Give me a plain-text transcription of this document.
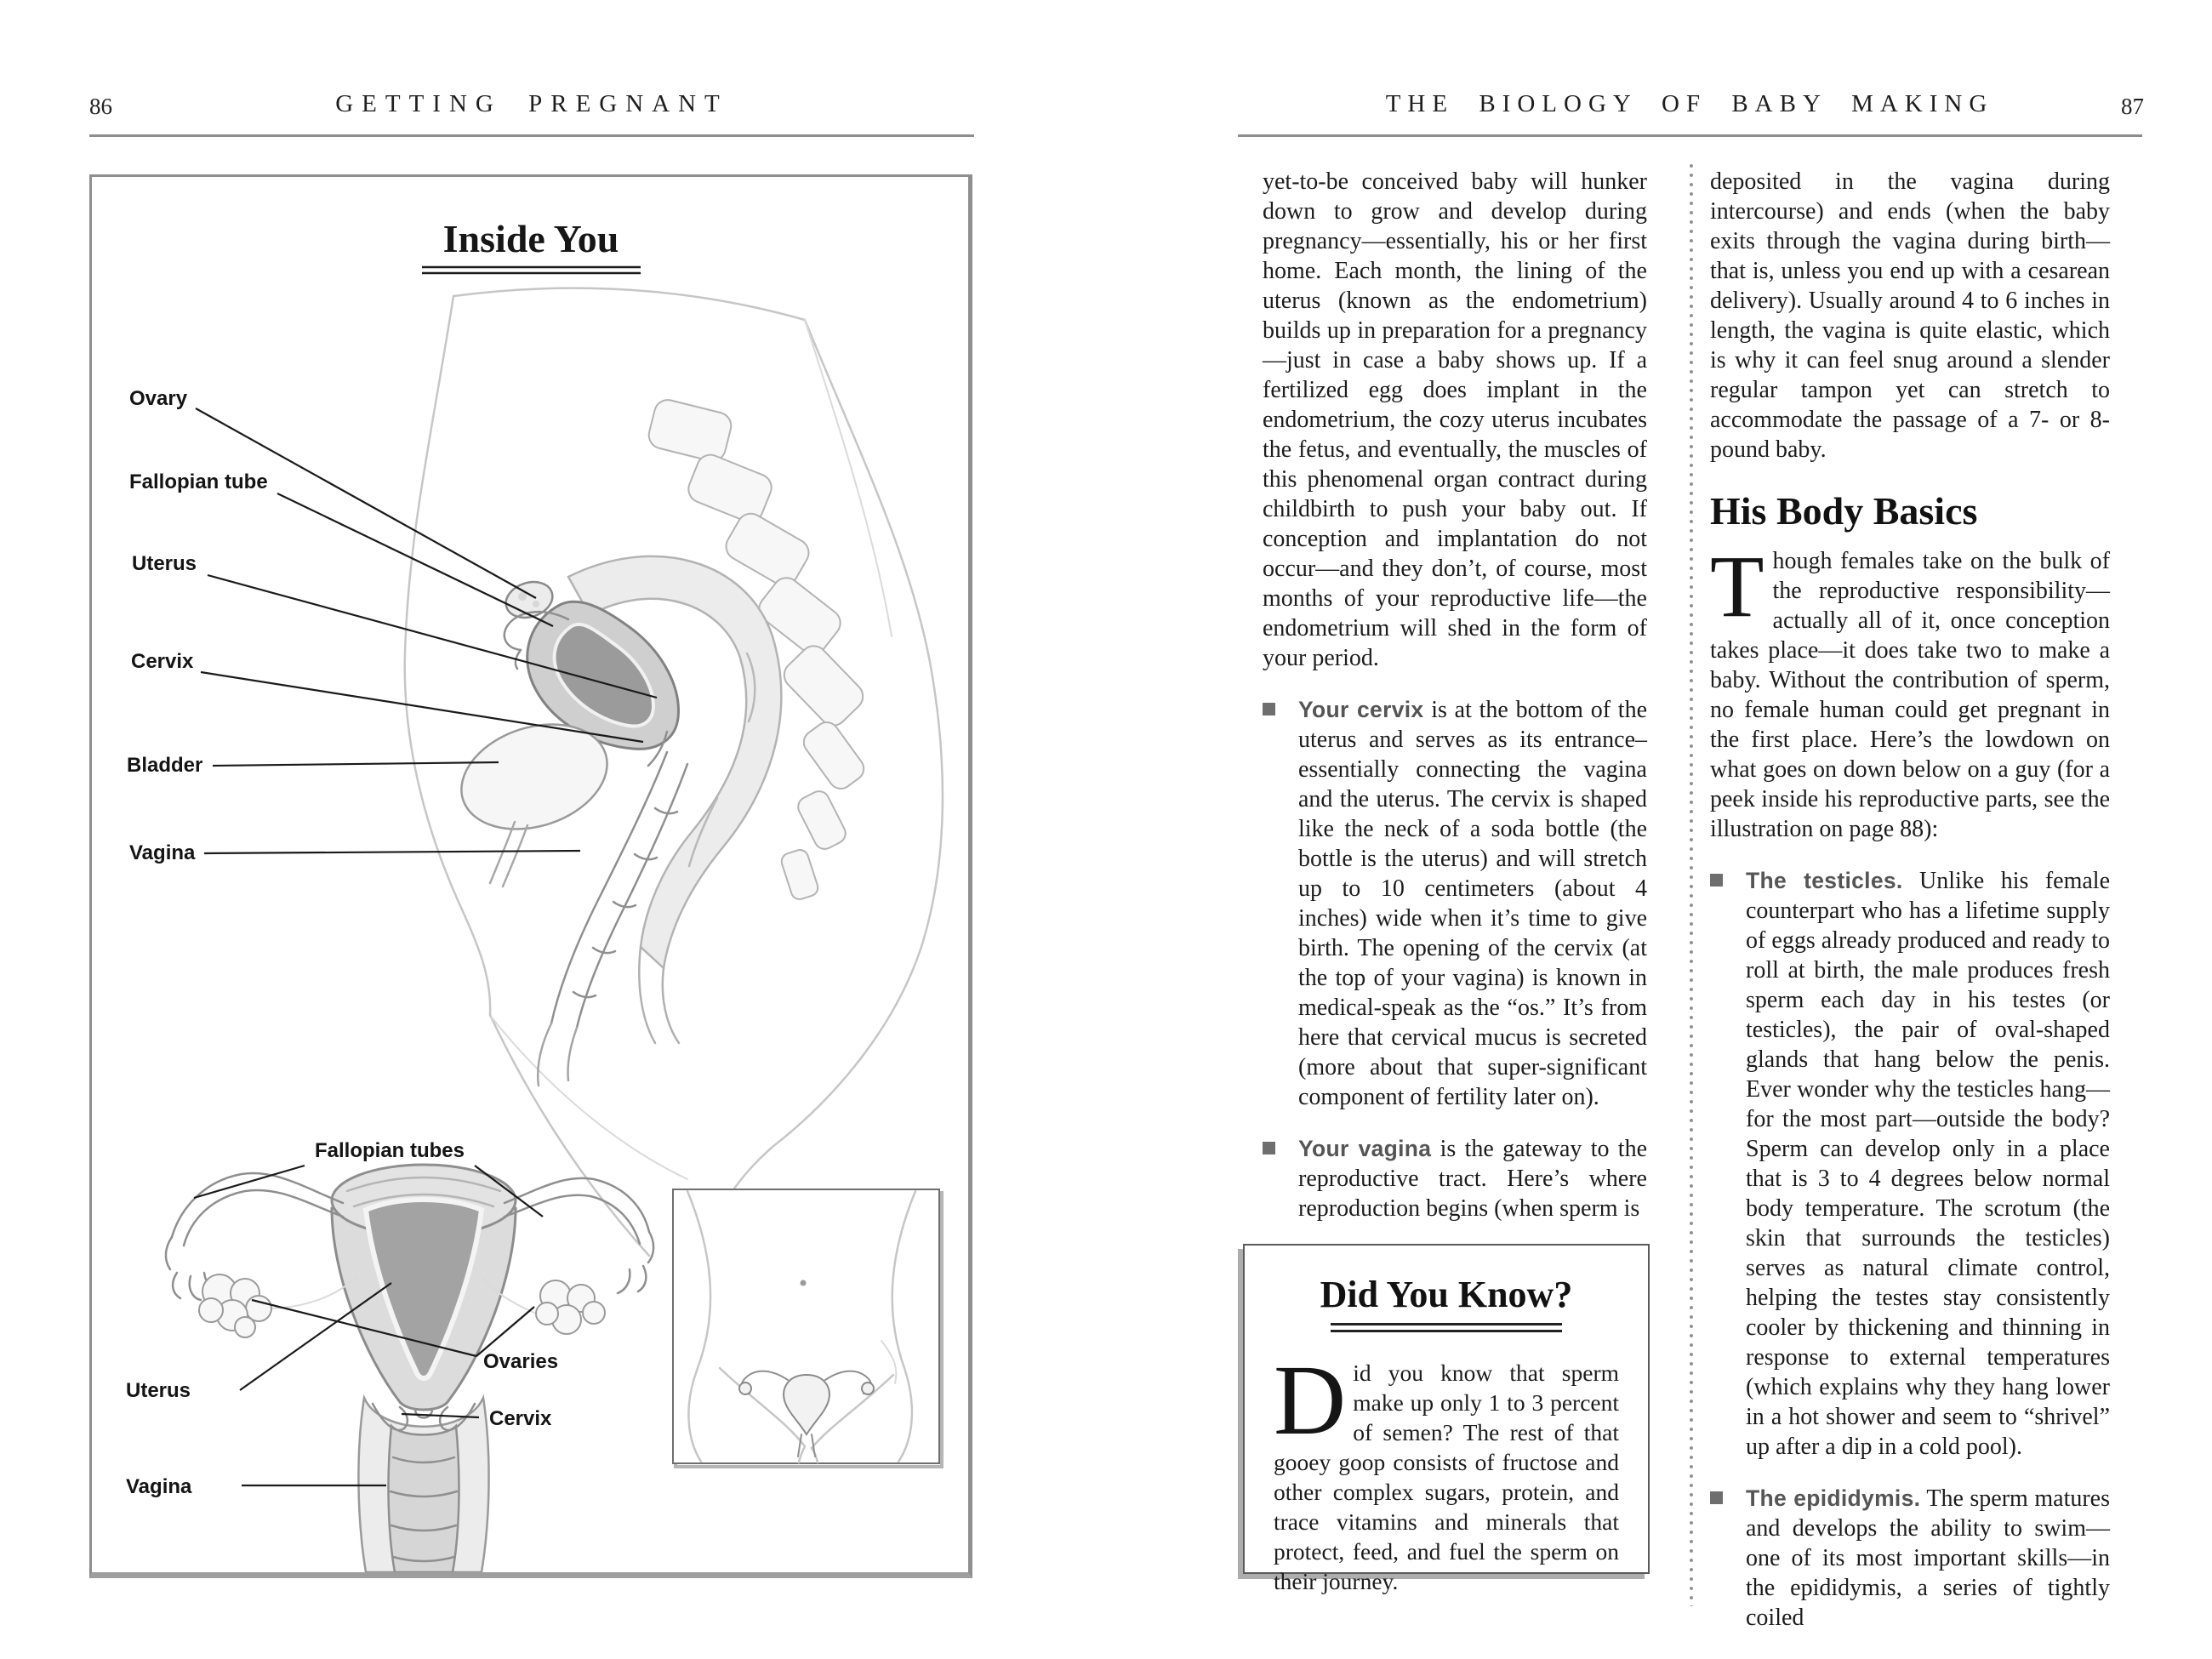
86	GETTING PREGNANT
Inside You
Ovary
Fallopian tube
Uterus
Cervix
Bladder
Vagina
Fallopian tubes
Ovaries
Uterus
Cervix
Vagina
THE BIOLOGY OF BABY MAKING	87

yet-to-be conceived baby will hunker down to grow and develop during pregnancy—essentially, his or her first home. Each month, the lining of the uterus (known as the endometrium) builds up in preparation for a pregnancy—just in case a baby shows up. If a fertilized egg does implant in the endometrium, the cozy uterus incubates the fetus, and eventually, the muscles of this phenomenal organ contract during childbirth to push your baby out. If conception and implantation do not occur—and they don’t, of course, most months of your reproductive life—the endometrium will shed in the form of your period.

Your cervix is at the bottom of the uterus and serves as its entrance–essentially connecting the vagina and the uterus. The cervix is shaped like the neck of a soda bottle (the bottle is the uterus) and will stretch up to 10 centimeters (about 4 inches) wide when it’s time to give birth. The opening of the cervix (at the top of your vagina) is known in medical-speak as the “os.” It’s from here that cervical mucus is secreted (more about that super-significant component of fertility later on).
Your vagina is the gateway to the reproductive tract. Here’s where reproduction begins (when sperm is
Did You Know?
Did you know that sperm make up only 1 to 3 percent of semen? The rest of that gooey goop consists of fructose and other complex sugars, protein, and trace vitamins and minerals that protect, feed, and fuel the sperm on their journey.

deposited in the vagina during intercourse) and ends (when the baby exits through the vagina during birth—that is, unless you end up with a cesarean delivery). Usually around 4 to 6 inches in length, the vagina is quite elastic, which is why it can feel snug around a slender regular tampon yet can stretch to accommodate the passage of a 7- or 8-pound baby.

His Body Basics

Though females take on the bulk of the reproductive responsibility—actually all of it, once conception takes place—it does take two to make a baby. Without the contribution of sperm, no female human could get pregnant in the first place. Here’s the lowdown on what goes on down below on a guy (for a peek inside his reproductive parts, see the illustration on page 88):

The testicles. Unlike his female counterpart who has a lifetime supply of eggs already produced and ready to roll at birth, the male produces fresh sperm each day in his testes (or testicles), the pair of oval-shaped glands that hang below the penis. Ever wonder why the testicles hang—for the most part—outside the body? Sperm can develop only in a place that is 3 to 4 degrees below normal body temperature. The scrotum (the skin that surrounds the testicles) serves as natural climate control, helping the testes stay consistently cooler by thickening and thinning in response to external temperatures (which explains why they hang lower in a hot shower and seem to “shrivel” up after a dip in a cold pool).
The epididymis. The sperm matures and develops the ability to swim—one of its most important skills—in the epididymis, a series of tightly coiled
